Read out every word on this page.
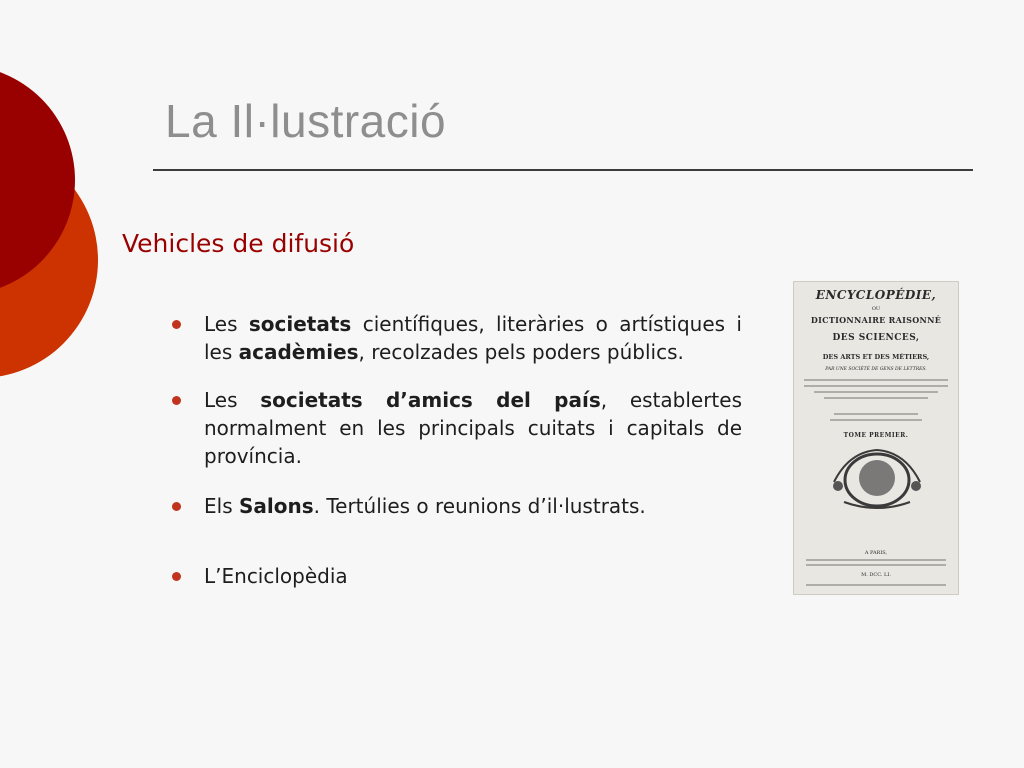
La Il·lustració
Vehicles de difusió
Les societats científiques, literàries o artístiques i les acadèmies, recolzades pels poders públics.
Les societats d’amics del país, establertes normalment en les principals cuitats i capitals de província.
Els Salons. Tertúlies o reunions d’il·lustrats.
L’Enciclopèdia
ENCYCLOPÉDIE,
OU
DICTIONNAIRE RAISONNÉ
DES SCIENCES,
DES ARTS ET DES MÉTIERS,
PAR UNE SOCIÉTÉ DE GENS DE LETTRES.
TOME PREMIER.
A PARIS,
M. DCC. LI.
